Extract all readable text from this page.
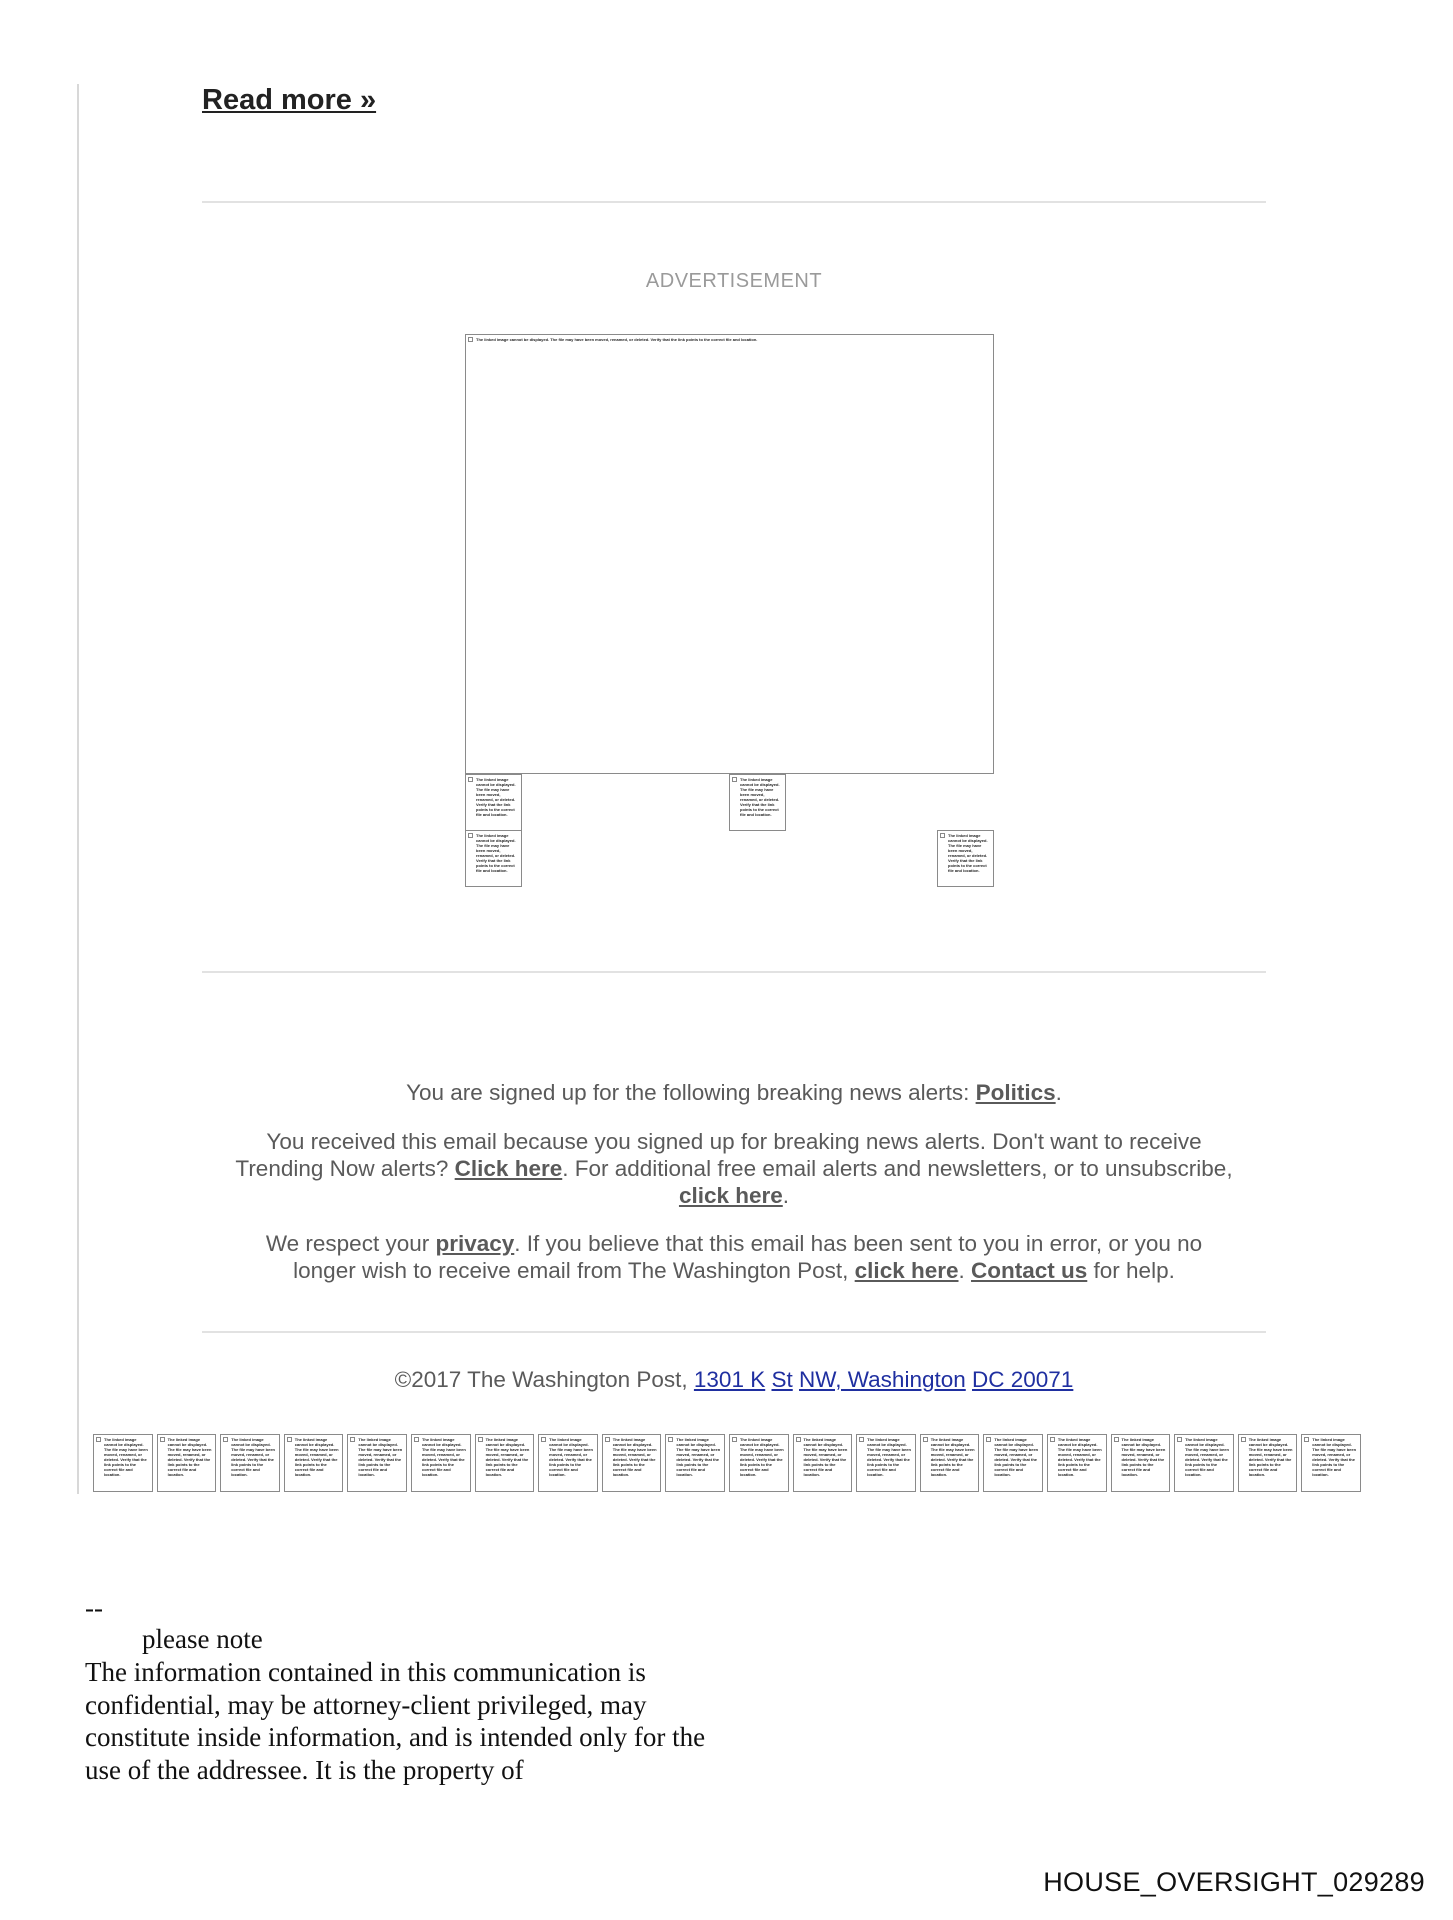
Read more »
ADVERTISEMENT
The linked image cannot be displayed. The file may have been moved, renamed, or deleted. Verify that the link points to the correct file and location.
The linked image cannot be displayed. The file may have been moved, renamed, or deleted. Verify that the link points to the correct file and location.
The linked image cannot be displayed. The file may have been moved, renamed, or deleted. Verify that the link points to the correct file and location.
The linked image cannot be displayed. The file may have been moved, renamed, or deleted. Verify that the link points to the correct file and location.
The linked image cannot be displayed. The file may have been moved, renamed, or deleted. Verify that the link points to the correct file and location.
You are signed up for the following breaking news alerts: Politics.
You received this email because you signed up for breaking news alerts. Don't want to receive Trending Now alerts? Click here. For additional free email alerts and newsletters, or to unsubscribe, click here.
We respect your privacy. If you believe that this email has been sent to you in error, or you no longer wish to receive email from The Washington Post, click here. Contact us for help.
©2017 The Washington Post, 1301 K St NW, Washington DC 20071
The linked image cannot be displayed. The file may have been moved, renamed, or deleted. Verify that the link points to the correct file and location.
The linked image cannot be displayed. The file may have been moved, renamed, or deleted. Verify that the link points to the correct file and location.
The linked image cannot be displayed. The file may have been moved, renamed, or deleted. Verify that the link points to the correct file and location.
The linked image cannot be displayed. The file may have been moved, renamed, or deleted. Verify that the link points to the correct file and location.
The linked image cannot be displayed. The file may have been moved, renamed, or deleted. Verify that the link points to the correct file and location.
The linked image cannot be displayed. The file may have been moved, renamed, or deleted. Verify that the link points to the correct file and location.
The linked image cannot be displayed. The file may have been moved, renamed, or deleted. Verify that the link points to the correct file and location.
The linked image cannot be displayed. The file may have been moved, renamed, or deleted. Verify that the link points to the correct file and location.
The linked image cannot be displayed. The file may have been moved, renamed, or deleted. Verify that the link points to the correct file and location.
The linked image cannot be displayed. The file may have been moved, renamed, or deleted. Verify that the link points to the correct file and location.
The linked image cannot be displayed. The file may have been moved, renamed, or deleted. Verify that the link points to the correct file and location.
The linked image cannot be displayed. The file may have been moved, renamed, or deleted. Verify that the link points to the correct file and location.
The linked image cannot be displayed. The file may have been moved, renamed, or deleted. Verify that the link points to the correct file and location.
The linked image cannot be displayed. The file may have been moved, renamed, or deleted. Verify that the link points to the correct file and location.
The linked image cannot be displayed. The file may have been moved, renamed, or deleted. Verify that the link points to the correct file and location.
The linked image cannot be displayed. The file may have been moved, renamed, or deleted. Verify that the link points to the correct file and location.
The linked image cannot be displayed. The file may have been moved, renamed, or deleted. Verify that the link points to the correct file and location.
The linked image cannot be displayed. The file may have been moved, renamed, or deleted. Verify that the link points to the correct file and location.
The linked image cannot be displayed. The file may have been moved, renamed, or deleted. Verify that the link points to the correct file and location.
The linked image cannot be displayed. The file may have been moved, renamed, or deleted. Verify that the link points to the correct file and location.
--
please note
The information contained in this communication is confidential, may be attorney-client privileged, may constitute inside information, and is intended only for the use of the addressee. It is the property of
HOUSE_OVERSIGHT_029289
